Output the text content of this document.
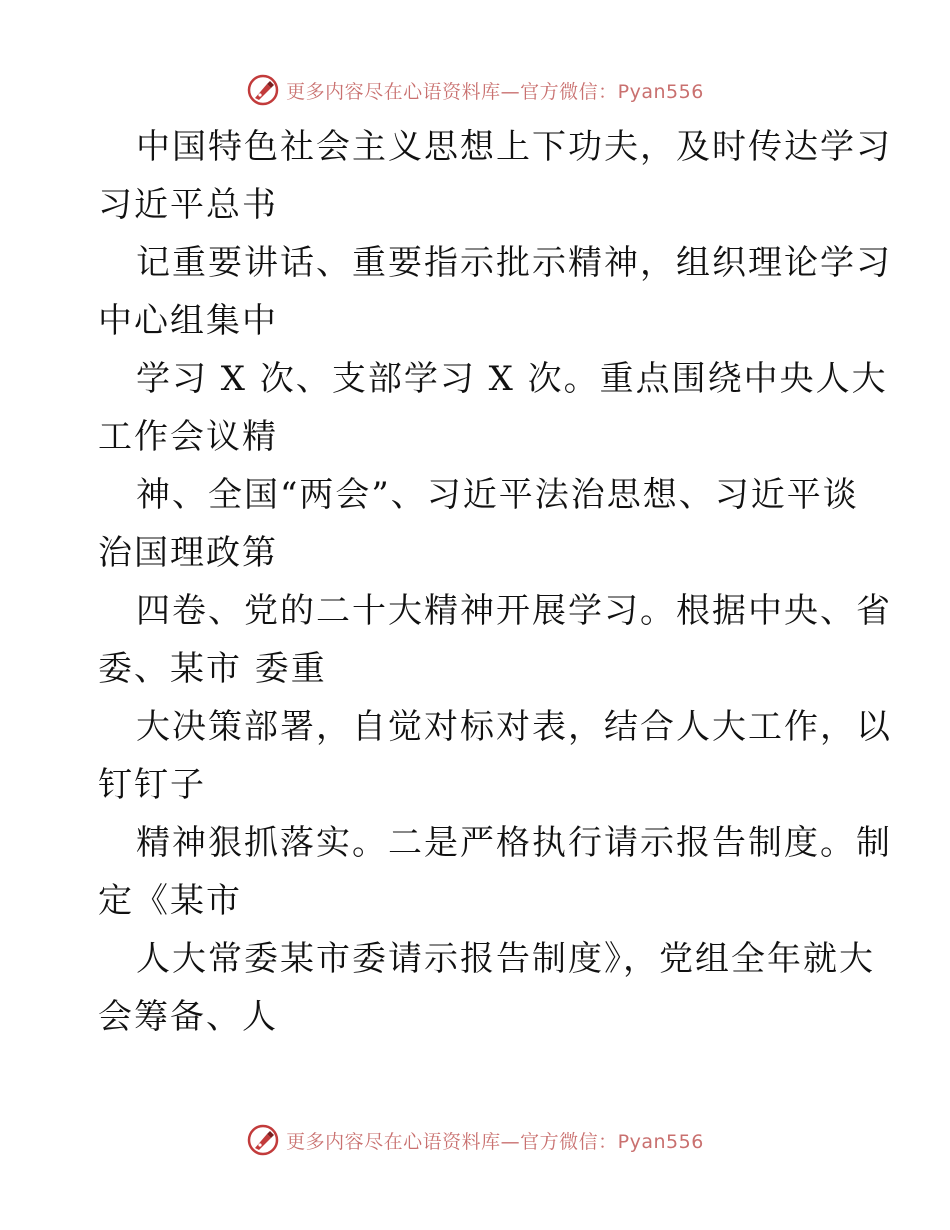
更多内容尽在心语资料库—官方微信：Pyan556

中国特色社会主义思想上下功夫，及时传达学习
习近平总书

记重要讲话、重要指示批示精神，组织理论学习
中心组集中

学习 X 次、支部学习 X 次。重点围绕中央人大
工作会议精

神、全国“两会”、习近平法治思想、习近平谈
治国理政第

四卷、党的二十大精神开展学习。根据中央、省
委、某市 委重

大决策部署，自觉对标对表，结合人大工作，以
钉钉子

精神狠抓落实。二是严格执行请示报告制度。制
定《某市

人大常委某市委请示报告制度》，党组全年就大
会筹备、人

更多内容尽在心语资料库—官方微信：Pyan556
